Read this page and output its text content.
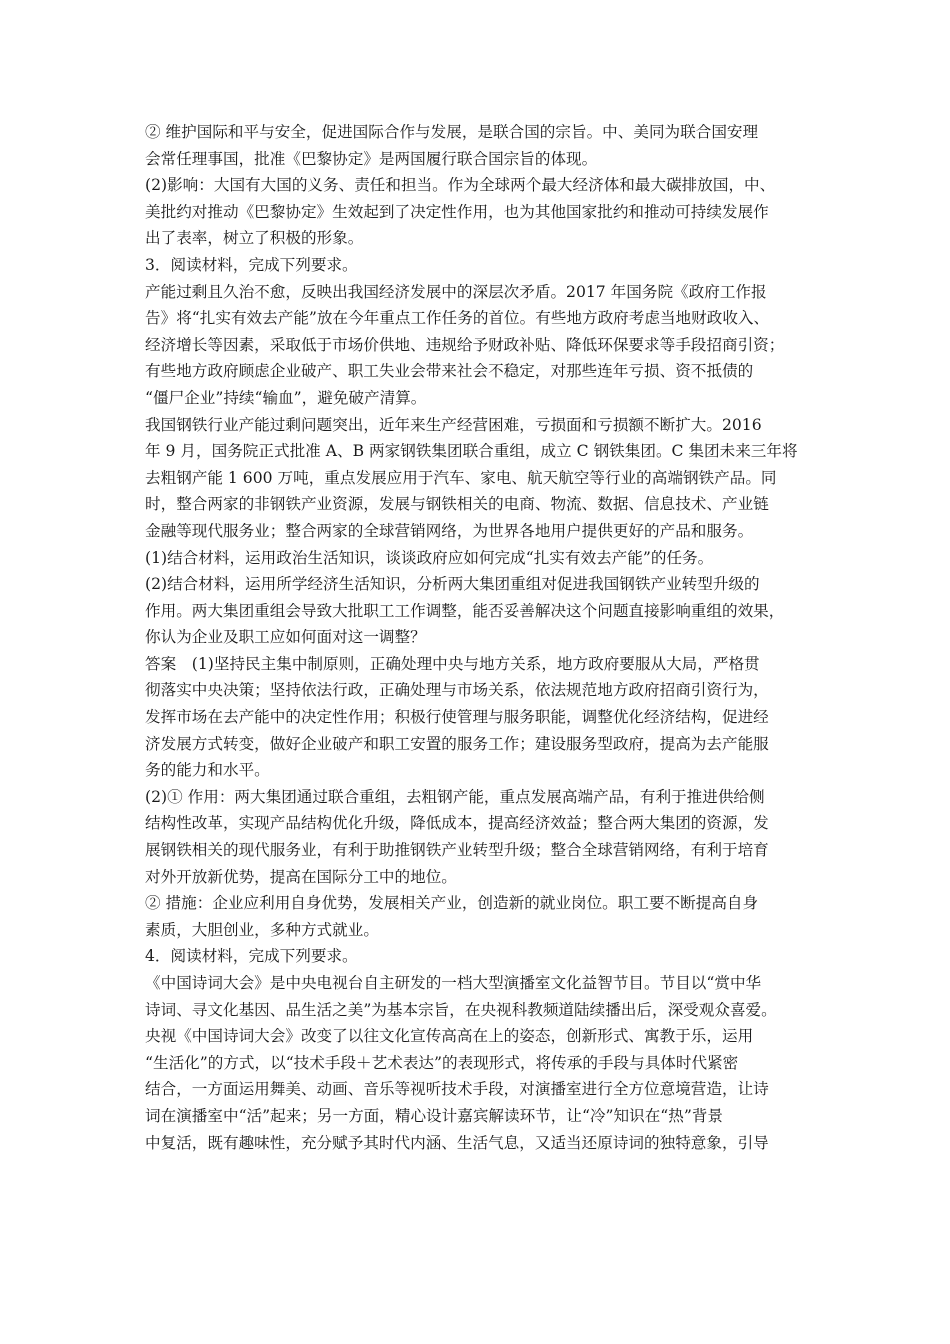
② 维护国际和平与安全，促进国际合作与发展，是联合国的宗旨。中、美同为联合国安理
会常任理事国，批准《巴黎协定》是两国履行联合国宗旨的体现。
(2)影响：大国有大国的义务、责任和担当。作为全球两个最大经济体和最大碳排放国，中、
美批约对推动《巴黎协定》生效起到了决定性作用，也为其他国家批约和推动可持续发展作
出了表率，树立了积极的形象。
3．阅读材料，完成下列要求。
产能过剩且久治不愈，反映出我国经济发展中的深层次矛盾。2017 年国务院《政府工作报
告》将“扎实有效去产能”放在今年重点工作任务的首位。有些地方政府考虑当地财政收入、
经济增长等因素，采取低于市场价供地、违规给予财政补贴、降低环保要求等手段招商引资；
有些地方政府顾虑企业破产、职工失业会带来社会不稳定，对那些连年亏损、资不抵债的
“僵尸企业”持续“输血”，避免破产清算。
我国钢铁行业产能过剩问题突出，近年来生产经营困难，亏损面和亏损额不断扩大。2016
年 9 月，国务院正式批准 A、B 两家钢铁集团联合重组，成立 C 钢铁集团。C 集团未来三年将
去粗钢产能 1 600 万吨，重点发展应用于汽车、家电、航天航空等行业的高端钢铁产品。同
时，整合两家的非钢铁产业资源，发展与钢铁相关的电商、物流、数据、信息技术、产业链
金融等现代服务业；整合两家的全球营销网络，为世界各地用户提供更好的产品和服务。
(1)结合材料，运用政治生活知识，谈谈政府应如何完成“扎实有效去产能”的任务。
(2)结合材料，运用所学经济生活知识，分析两大集团重组对促进我国钢铁产业转型升级的
作用。两大集团重组会导致大批职工工作调整，能否妥善解决这个问题直接影响重组的效果，
你认为企业及职工应如何面对这一调整？
答案　(1)坚持民主集中制原则，正确处理中央与地方关系，地方政府要服从大局，严格贯
彻落实中央决策；坚持依法行政，正确处理与市场关系，依法规范地方政府招商引资行为，
发挥市场在去产能中的决定性作用；积极行使管理与服务职能，调整优化经济结构，促进经
济发展方式转变，做好企业破产和职工安置的服务工作；建设服务型政府，提高为去产能服
务的能力和水平。
(2)① 作用：两大集团通过联合重组，去粗钢产能，重点发展高端产品，有利于推进供给侧
结构性改革，实现产品结构优化升级，降低成本，提高经济效益；整合两大集团的资源，发
展钢铁相关的现代服务业，有利于助推钢铁产业转型升级；整合全球营销网络，有利于培育
对外开放新优势，提高在国际分工中的地位。
② 措施：企业应利用自身优势，发展相关产业，创造新的就业岗位。职工要不断提高自身
素质，大胆创业，多种方式就业。
4．阅读材料，完成下列要求。
《中国诗词大会》是中央电视台自主研发的一档大型演播室文化益智节目。节目以“赏中华
诗词、寻文化基因、品生活之美”为基本宗旨，在央视科教频道陆续播出后，深受观众喜爱。
央视《中国诗词大会》改变了以往文化宣传高高在上的姿态，创新形式、寓教于乐，运用
“生活化”的方式，以“技术手段＋艺术表达”的表现形式，将传承的手段与具体时代紧密
结合，一方面运用舞美、动画、音乐等视听技术手段，对演播室进行全方位意境营造，让诗
词在演播室中“活”起来；另一方面，精心设计嘉宾解读环节，让“冷”知识在“热”背景
中复活，既有趣味性，充分赋予其时代内涵、生活气息，又适当还原诗词的独特意象，引导
